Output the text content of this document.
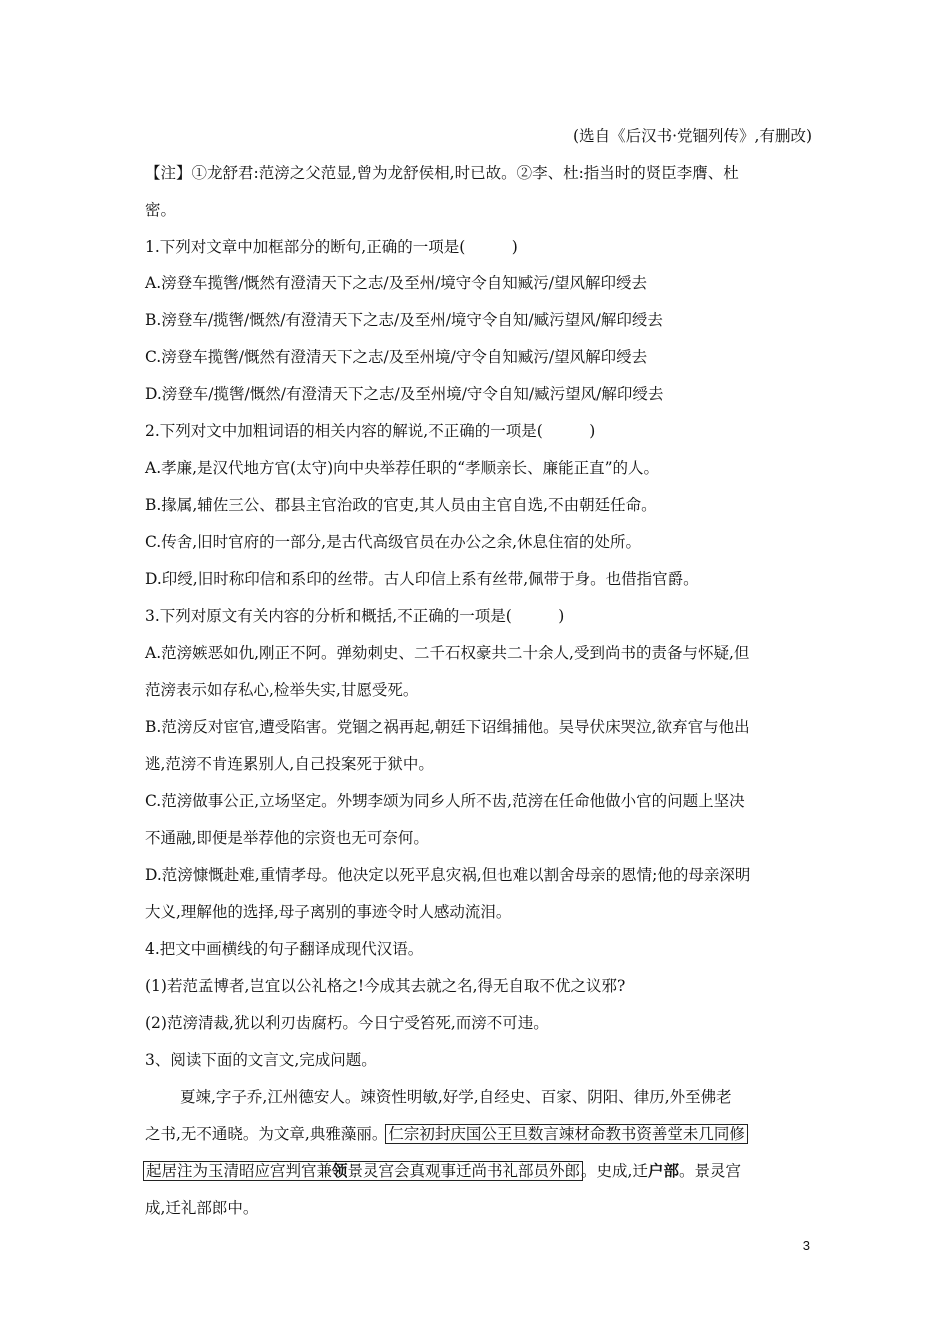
(选自《后汉书·党锢列传》,有删改)
【注】①龙舒君:范滂之父范显,曾为龙舒侯相,时已故。②李、杜:指当时的贤臣李膺、杜
密。
1.下列对文章中加框部分的断句,正确的一项是(　　　)
A.滂登车揽辔/慨然有澄清天下之志/及至州/境守令自知臧污/望风解印绶去
B.滂登车/揽辔/慨然/有澄清天下之志/及至州/境守令自知/臧污望风/解印绶去
C.滂登车揽辔/慨然有澄清天下之志/及至州境/守令自知臧污/望风解印绶去
D.滂登车/揽辔/慨然/有澄清天下之志/及至州境/守令自知/臧污望风/解印绶去
2.下列对文中加粗词语的相关内容的解说,不正确的一项是(　　　)
A.孝廉,是汉代地方官(太守)向中央举荐任职的“孝顺亲长、廉能正直”的人。
B.掾属,辅佐三公、郡县主官治政的官吏,其人员由主官自选,不由朝廷任命。
C.传舍,旧时官府的一部分,是古代高级官员在办公之余,休息住宿的处所。
D.印绶,旧时称印信和系印的丝带。古人印信上系有丝带,佩带于身。也借指官爵。
3.下列对原文有关内容的分析和概括,不正确的一项是(　　　)
A.范滂嫉恶如仇,刚正不阿。弹劾刺史、二千石权豪共二十余人,受到尚书的责备与怀疑,但
范滂表示如存私心,检举失实,甘愿受死。
B.范滂反对宦官,遭受陷害。党锢之祸再起,朝廷下诏缉捕他。吴导伏床哭泣,欲弃官与他出
逃,范滂不肯连累别人,自己投案死于狱中。
C.范滂做事公正,立场坚定。外甥李颂为同乡人所不齿,范滂在任命他做小官的问题上坚决
不通融,即便是举荐他的宗资也无可奈何。
D.范滂慷慨赴难,重情孝母。他决定以死平息灾祸,但也难以割舍母亲的恩情;他的母亲深明
大义,理解他的选择,母子离别的事迹令时人感动流泪。
4.把文中画横线的句子翻译成现代汉语。
(1)若范孟博者,岂宜以公礼格之!今成其去就之名,得无自取不优之议邪?
(2)范滂清裁,犹以利刃齿腐朽。今日宁受笞死,而滂不可违。
3、阅读下面的文言文,完成问题。
夏竦,字子乔,江州德安人。竦资性明敏,好学,自经史、百家、阴阳、律历,外至佛老
之书,无不通晓。为文章,典雅藻丽。仁宗初封庆国公王旦数言竦材命教书资善堂未几同修
起居注为玉清昭应宫判官兼领景灵宫会真观事迁尚书礼部员外郎。史成,迁户部。景灵宫
成,迁礼部郎中。
3
